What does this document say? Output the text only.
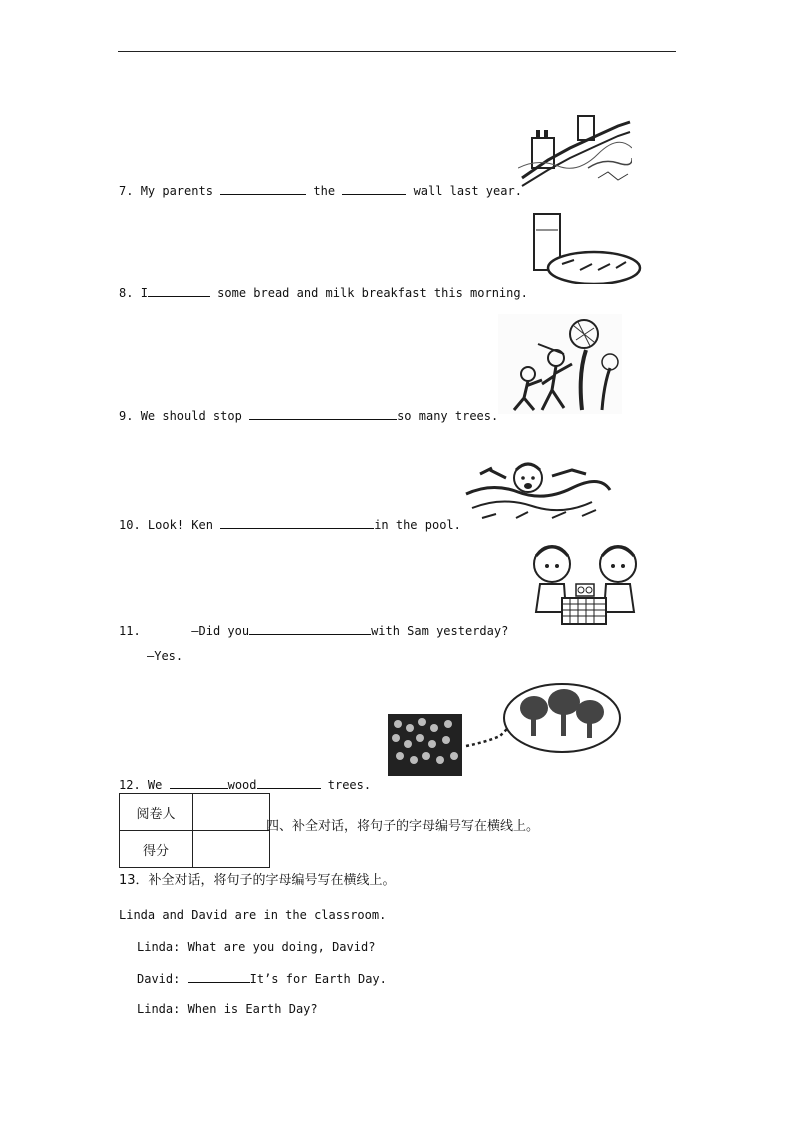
7. My parents	the	wall last year.
8. I	some bread and milk breakfast this morning.
9. We should stop	so many trees.
10. Look! Ken	in the pool.
11.	—Did you	with Sam yesterday?
—Yes.
12. We	wood	trees.
阅卷人	
得分	
四、补全对话，将句子的字母编号写在横线上。
13．补全对话，将句子的字母编号写在横线上。
Linda and David are in the classroom.
Linda: What are you doing, David?
David:	It’s for Earth Day.
Linda: When is Earth Day?
